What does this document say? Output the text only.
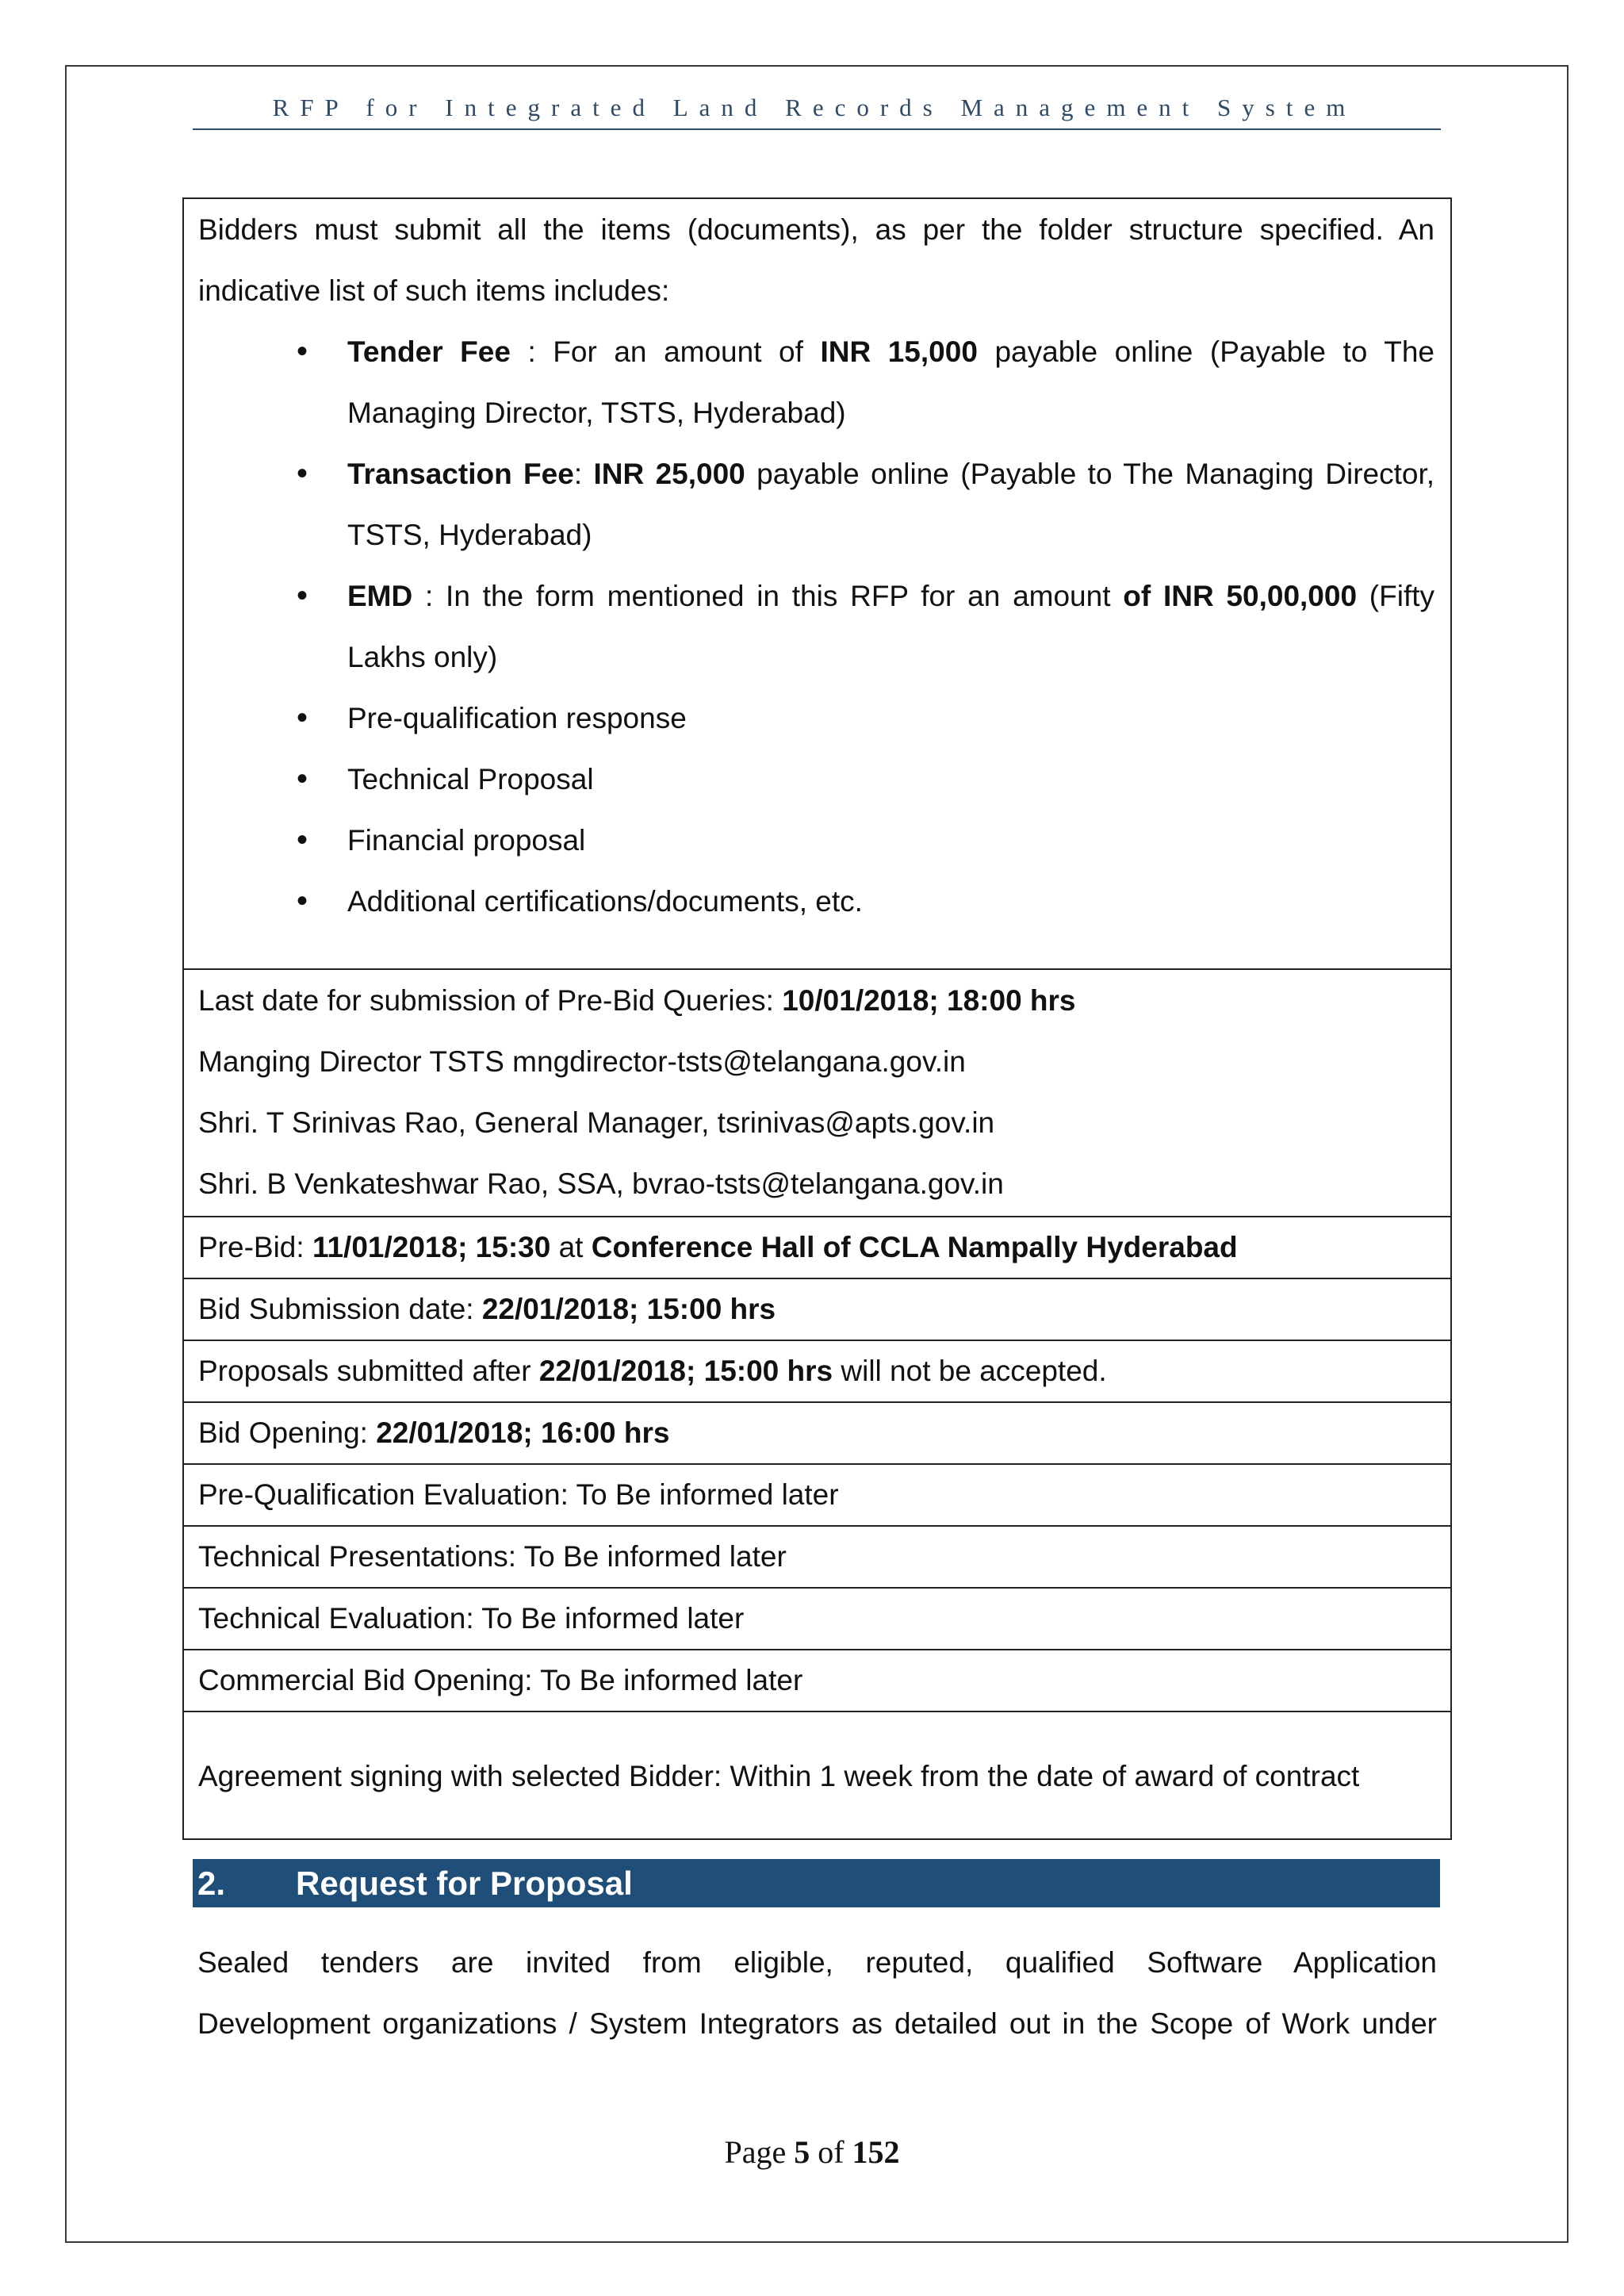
RFP for Integrated Land Records Management System
Bidders must submit all the items (documents), as per the folder structure specified. An indicative list of such items includes:
• Tender Fee : For an amount of INR 15,000 payable online (Payable to The Managing Director, TSTS, Hyderabad)
• Transaction Fee: INR 25,000 payable online (Payable to The Managing Director, TSTS, Hyderabad)
• EMD : In the form mentioned in this RFP for an amount of INR 50,00,000 (Fifty Lakhs only)
• Pre-qualification response
• Technical Proposal
• Financial proposal
• Additional certifications/documents, etc.
Last date for submission of Pre-Bid Queries: 10/01/2018; 18:00 hrs
Manging Director TSTS mngdirector-tsts@telangana.gov.in
Shri. T Srinivas Rao, General Manager, tsrinivas@apts.gov.in
Shri. B Venkateshwar Rao, SSA, bvrao-tsts@telangana.gov.in
Pre-Bid: 11/01/2018; 15:30 at Conference Hall of CCLA Nampally Hyderabad
Bid Submission date: 22/01/2018; 15:00 hrs
Proposals submitted after 22/01/2018; 15:00 hrs will not be accepted.
Bid Opening: 22/01/2018; 16:00 hrs
Pre-Qualification Evaluation: To Be informed later
Technical Presentations: To Be informed later
Technical Evaluation: To Be informed later
Commercial Bid Opening: To Be informed later
Agreement signing with selected Bidder: Within 1 week from the date of award of contract
2. Request for Proposal
Sealed tenders are invited from eligible, reputed, qualified Software Application
Development organizations / System Integrators as detailed out in the Scope of Work under
Page 5 of 152
